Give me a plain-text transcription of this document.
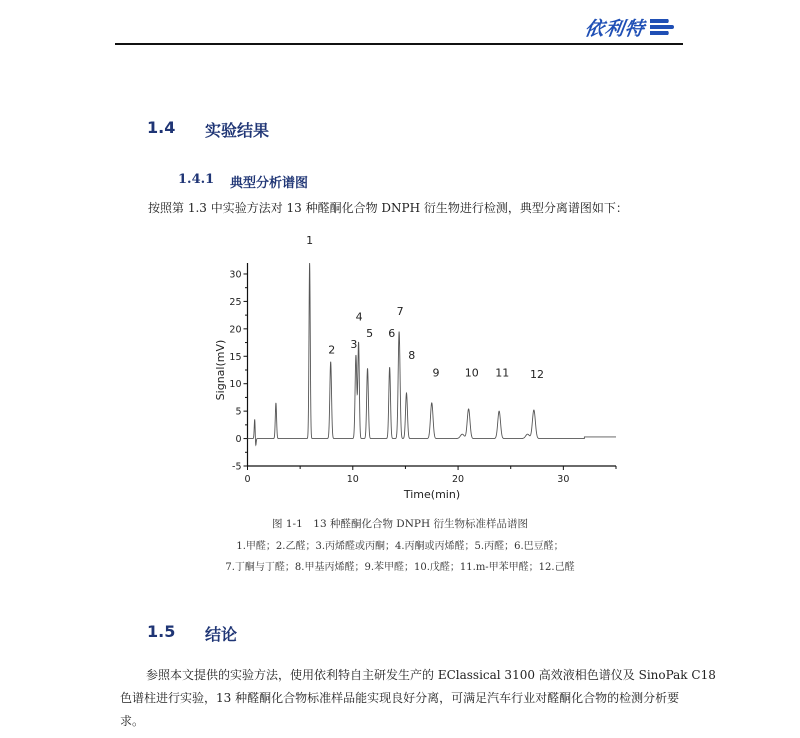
依利特
1.4	实验结果
1.4.1	典型分析谱图
按照第 1.3 中实验方法对 13 种醛酮化合物 DNPH 衍生物进行检测，典型分离谱图如下：
0	10	20	30
-5
0
5
10
15
20
25
30
1
2 3
4
5 6
7
8
9 10 11 12
Time(min)
Signal(mV)
图 1-1　13 种醛酮化合物 DNPH 衍生物标准样品谱图
1.甲醛；2.乙醛；3.丙烯醛或丙酮；4.丙酮或丙烯醛；5.丙醛；6.巴豆醛；
7.丁酮与丁醛；8.甲基丙烯醛；9.苯甲醛；10.戊醛；11.m-甲苯甲醛；12.己醛
1.5	结论
参照本文提供的实验方法，使用依利特自主研发生产的 EClassical 3100 高效液相色谱仪及 SinoPak C18
色谱柱进行实验，13 种醛酮化合物标准样品能实现良好分离，可满足汽车行业对醛酮化合物的检测分析要
求。
